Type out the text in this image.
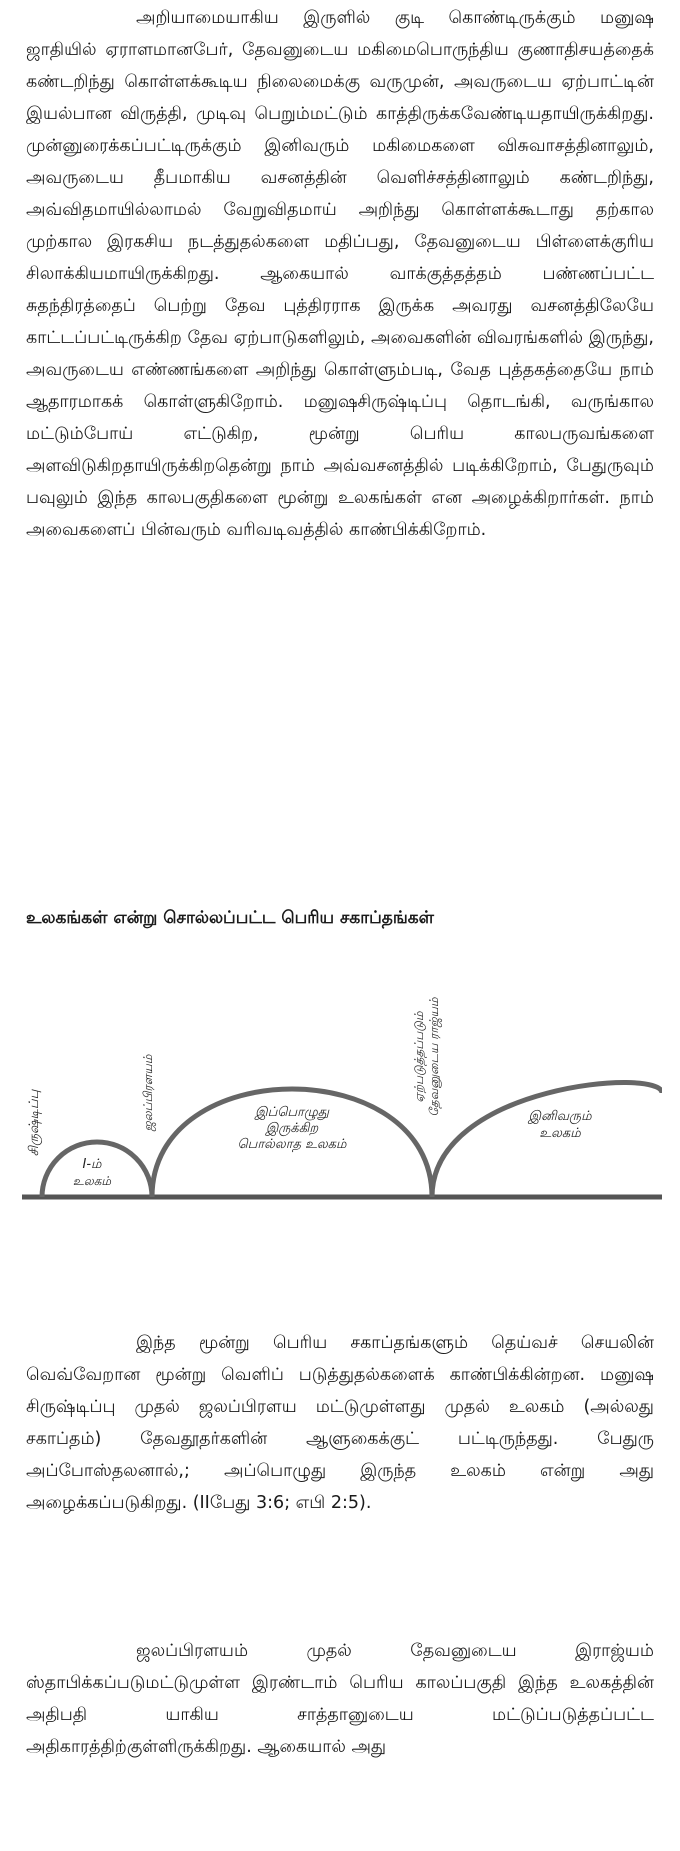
அறியாமையாகிய இருளில் குடி கொண்டிருக்கும் மனுஷ ஜாதியில் ஏராளமானபேர், தேவனுடைய மகிமைபொருந்திய குணாதிசயத்தைக் கண்டறிந்து கொள்ளக்கூடிய நிலைமைக்கு வருமுன், அவருடைய ஏற்பாட்டின் இயல்பான விருத்தி, முடிவு பெறும்மட்டும் காத்திருக்கவேண்டியதாயிருக்கிறது. முன்னுரைக்கப்பட்டிருக்கும் இனிவரும் மகிமைகளை விசுவாசத்தினாலும், அவருடைய தீபமாகிய வசனத்தின் வெளிச்சத்தினாலும் கண்டறிந்து, அவ்விதமாயில்லாமல் வேறுவிதமாய் அறிந்து கொள்ளக்கூடாது தற்கால முற்கால இரகசிய நடத்துதல்களை மதிப்பது, தேவனுடைய பிள்ளைக்குரிய சிலாக்கியமாயிருக்கிறது. ஆகையால் வாக்குத்தத்தம் பண்ணப்பட்ட சுதந்திரத்தைப் பெற்று தேவ புத்திரராக இருக்க அவரது வசனத்திலேயே காட்டப்பட்டிருக்கிற தேவ ஏற்பாடுகளிலும், அவைகளின் விவரங்களில் இருந்து, அவருடைய எண்ணங்களை அறிந்து கொள்ளும்படி, வேத புத்தகத்தையே நாம் ஆதாரமாகக் கொள்ளுகிறோம். மனுஷசிருஷ்டிப்பு தொடங்கி, வருங்கால மட்டும்போய் எட்டுகிற, மூன்று பெரிய காலபருவங்களை அளவிடுகிறதாயிருக்கிறதென்று நாம் அவ்வசனத்தில் படிக்கிறோம், பேதுருவும் பவுலும் இந்த காலபகுதிகளை மூன்று உலகங்கள் என அழைக்கிறார்கள். நாம் அவைகளைப் பின்வரும் வரிவடிவத்தில் காண்பிக்கிறோம்.

உலகங்கள் என்று சொல்லப்பட்ட பெரிய சகாப்தங்கள்
சிருஷ்டிப்பு	ஜலப்பிரளயம்	ஏற்படுத்தப்படும் தேவனுடைய ராஜ்யம்
I-ம்
உலகம்
இப்பொழுது
இருக்கிற
பொல்லாத உலகம்
இனிவரும்
உலகம்

இந்த மூன்று பெரிய சகாப்தங்களும் தெய்வச் செயலின் வெவ்வேறான மூன்று வெளிப் படுத்துதல்களைக் காண்பிக்கின்றன. மனுஷ சிருஷ்டிப்பு முதல் ஜலப்பிரளய மட்டுமுள்ளது முதல் உலகம் (அல்லது சகாப்தம்) தேவதூதர்களின் ஆளுகைக்குட் பட்டிருந்தது. பேதுரு அப்போஸ்தலனால்,; அப்பொழுது இருந்த உலகம் என்று அது அழைக்கப்படுகிறது. (IIபேது 3:6; எபி 2:5).

ஜலப்பிரளயம் முதல் தேவனுடைய இராஜ்யம் ஸ்தாபிக்கப்படுமட்டுமுள்ள இரண்டாம் பெரிய காலப்பகுதி இந்த உலகத்தின் அதிபதி யாகிய சாத்தானுடைய மட்டுப்படுத்தப்பட்ட அதிகாரத்திற்குள்ளிருக்கிறது. ஆகையால் அது
